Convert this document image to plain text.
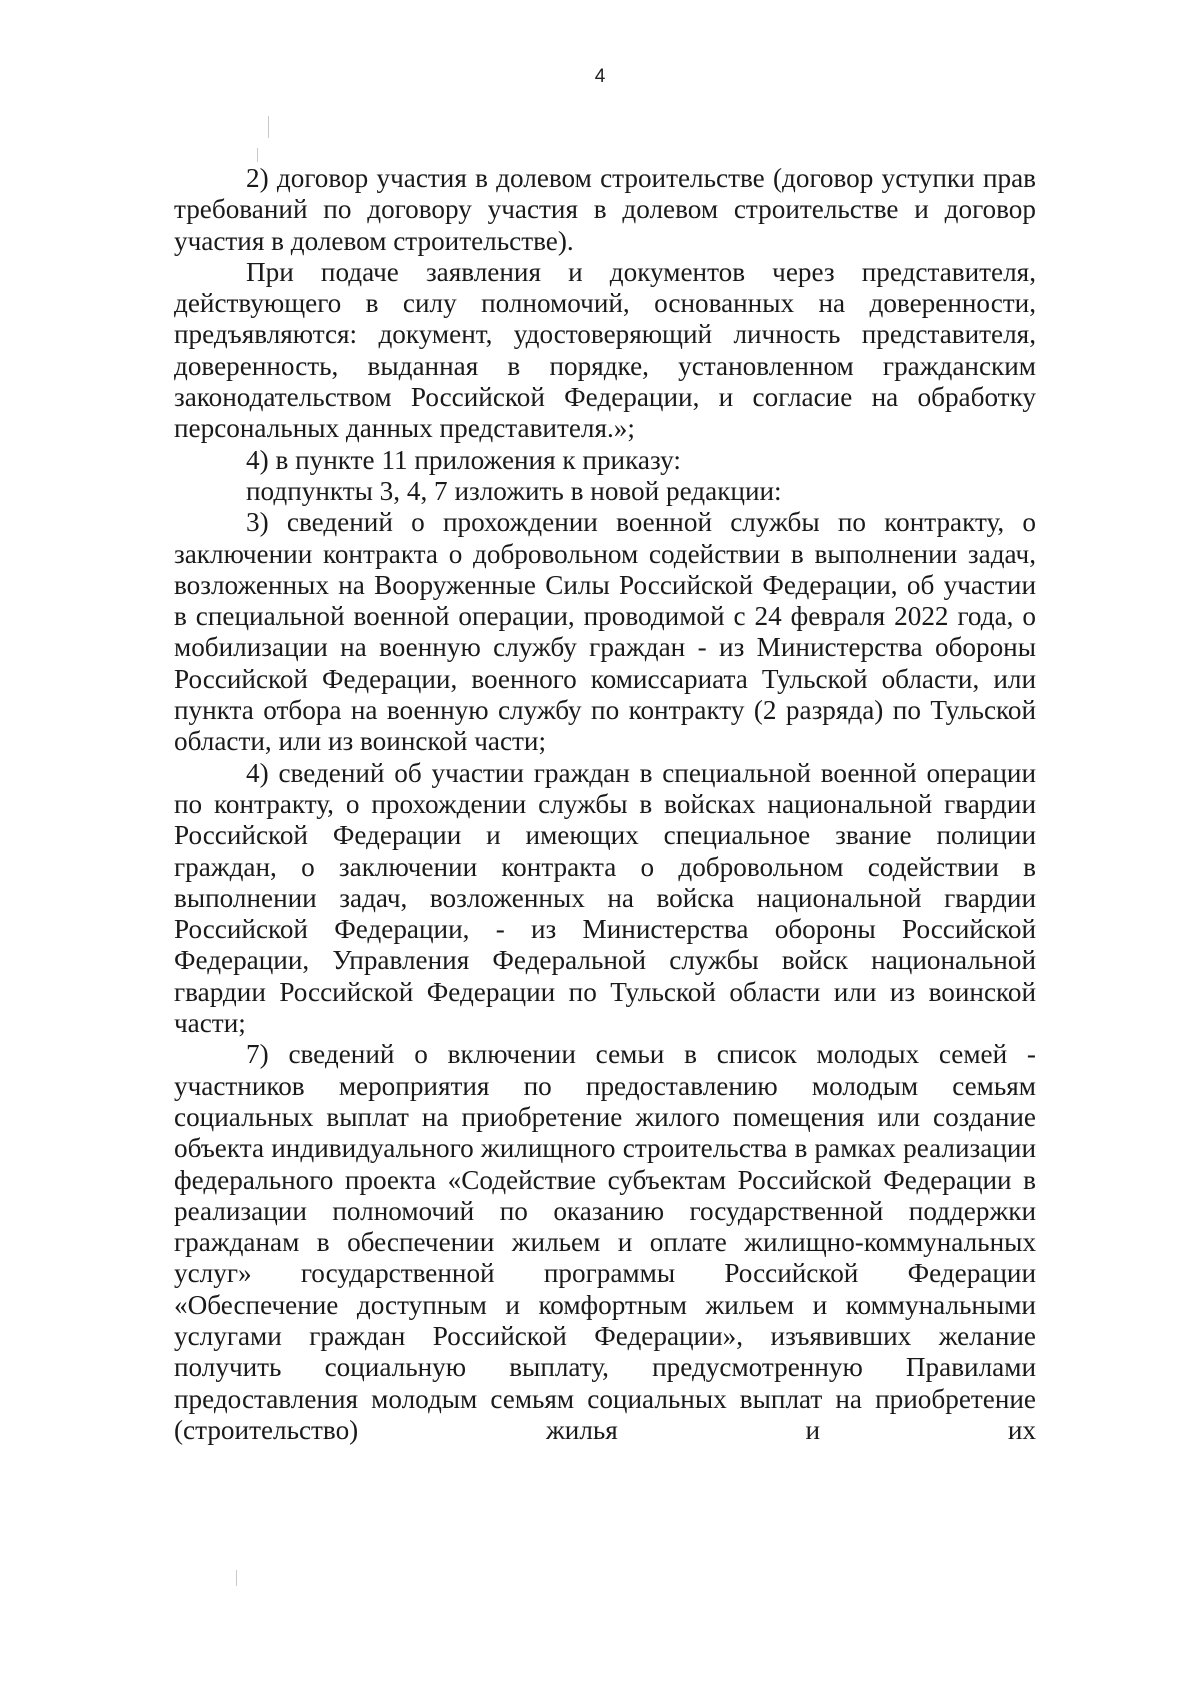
4

2) договор участия в долевом строительстве (договор уступки прав требований по договору участия в долевом строительстве и договор участия в долевом строительстве).

При подаче заявления и документов через представителя, действующего в силу полномочий, основанных на доверенности, предъявляются: документ, удостоверяющий личность представителя, доверенность, выданная в порядке, установленном гражданским законодательством Российской Федерации, и согласие на обработку персональных данных представителя.»;

4) в пункте 11 приложения к приказу:

подпункты 3, 4, 7 изложить в новой редакции:

3) сведений о прохождении военной службы по контракту, о заключении контракта о добровольном содействии в выполнении задач, возложенных на Вооруженные Силы Российской Федерации, об участии в специальной военной операции, проводимой с 24 февраля 2022 года, о мобилизации на военную службу граждан - из Министерства обороны Российской Федерации, военного комиссариата Тульской области, или пункта отбора на военную службу по контракту (2 разряда) по Тульской области, или из воинской части;

4) сведений об участии граждан в специальной военной операции по контракту, о прохождении службы в войсках национальной гвардии Российской Федерации и имеющих специальное звание полиции граждан, о заключении контракта о добровольном содействии в выполнении задач, возложенных на войска национальной гвардии Российской Федерации, - из Министерства обороны Российской Федерации, Управления Федеральной службы войск национальной гвардии Российской Федерации по Тульской области или из воинской части;

7) сведений о включении семьи в список молодых семей - участников мероприятия по предоставлению молодым семьям социальных выплат на приобретение жилого помещения или создание объекта индивидуального жилищного строительства в рамках реализации федерального проекта «Содействие субъектам Российской Федерации в реализации полномочий по оказанию государственной поддержки гражданам в обеспечении жильем и оплате жилищно-коммунальных услуг» государственной программы Российской Федерации «Обеспечение доступным и комфортным жильем и коммунальными услугами граждан Российской Федерации», изъявивших желание получить социальную выплату, предусмотренную Правилами предоставления молодым семьям социальных выплат на приобретение (строительство) жилья и их
